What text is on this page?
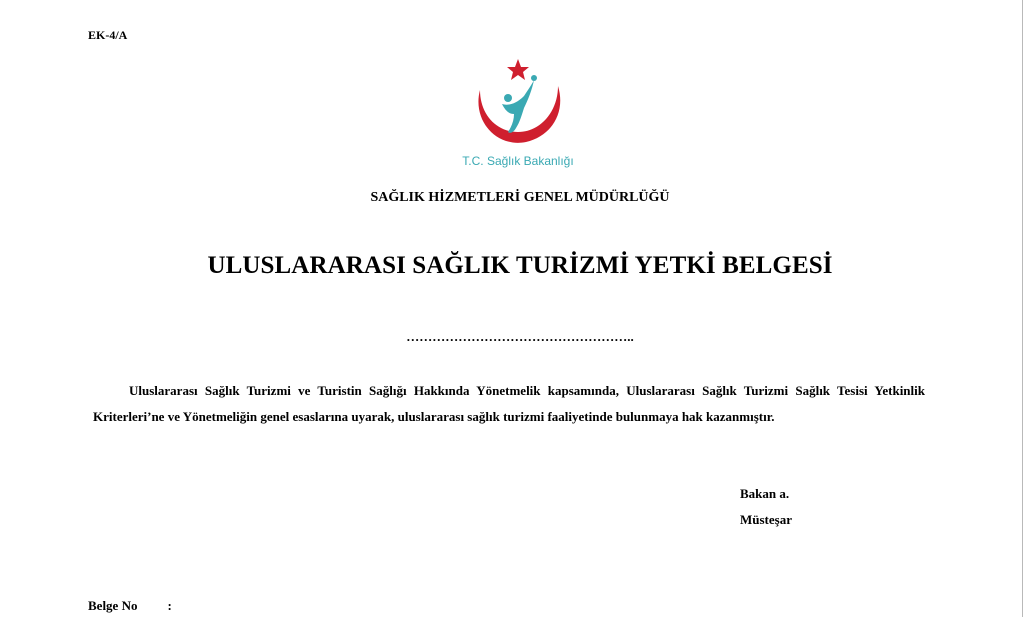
EK-4/A
T.C. Sağlık Bakanlığı
SAĞLIK HİZMETLERİ GENEL MÜDÜRLÜĞÜ
ULUSLARARASI SAĞLIK TURİZMİ YETKİ BELGESİ
……………………………………………..
Uluslararası Sağlık Turizmi ve Turistin Sağlığı Hakkında Yönetmelik kapsamında, Uluslararası Sağlık Turizmi Sağlık Tesisi Yetkinlik Kriterleri’ne ve Yönetmeliğin genel esaslarına uyarak, uluslararası sağlık turizmi faaliyetinde bulunmaya hak kazanmıştır.
Bakan a.
Müsteşar
Belge No :
